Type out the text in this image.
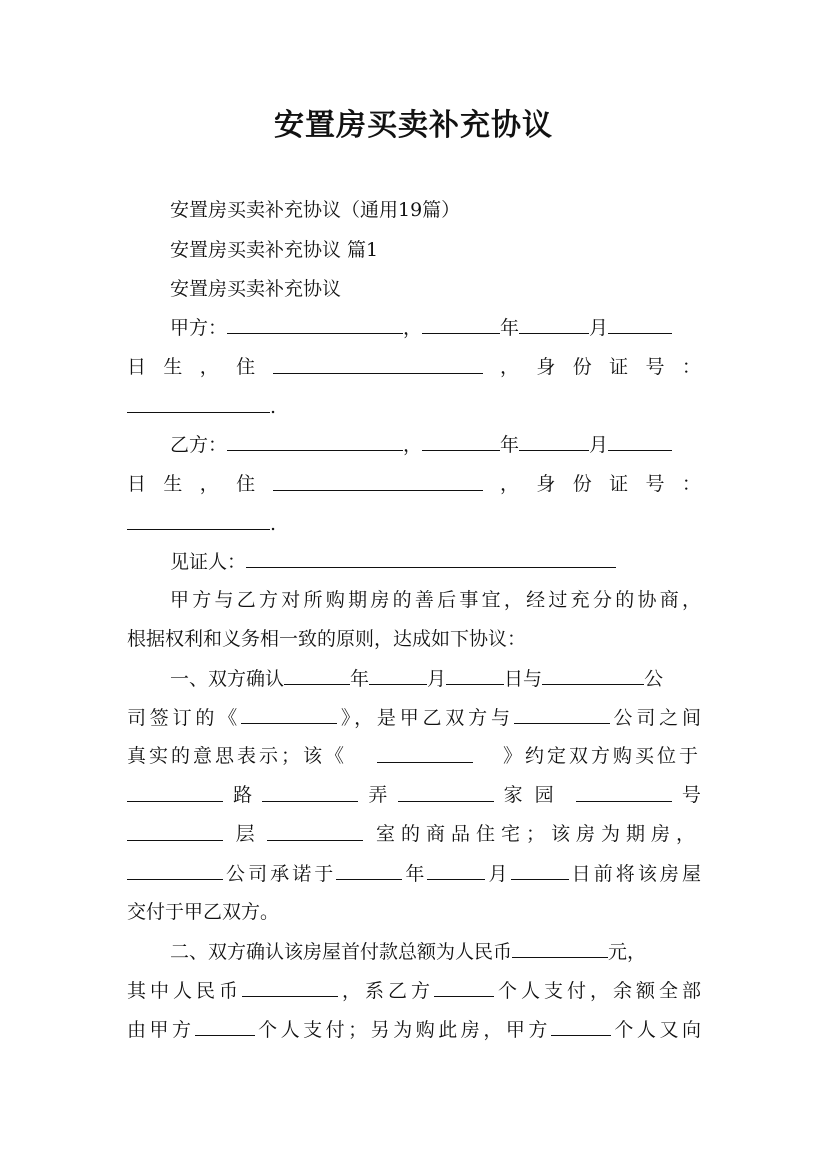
安置房买卖补充协议
安置房买卖补充协议（通用19篇）
安置房买卖补充协议 篇1
安置房买卖补充协议
甲方：	，	年	月
日 生 ， 住	， 身 份 证 号 ：
.
乙方：	，	年	月
日 生 ， 住	， 身 份 证 号 ：
.
见证人：
甲方与乙方对所购期房的善后事宜，经过充分的协商，
根据权利和义务相一致的原则，达成如下协议：
一、双方确认	年	月	日与	公
司签订的《	》，是甲乙双方与	公司之间
真实的意思表示；该《	》约定双方购买位于
路	弄	家园	号
层	室的商品住宅；该房为期房，
公司承诺于	年	月	日前将该房屋
交付于甲乙双方。
二、双方确认该房屋首付款总额为人民币	元，
其中人民币	，系乙方	个人支付，余额全部
由甲方	个人支付；另为购此房，甲方	个人又向
